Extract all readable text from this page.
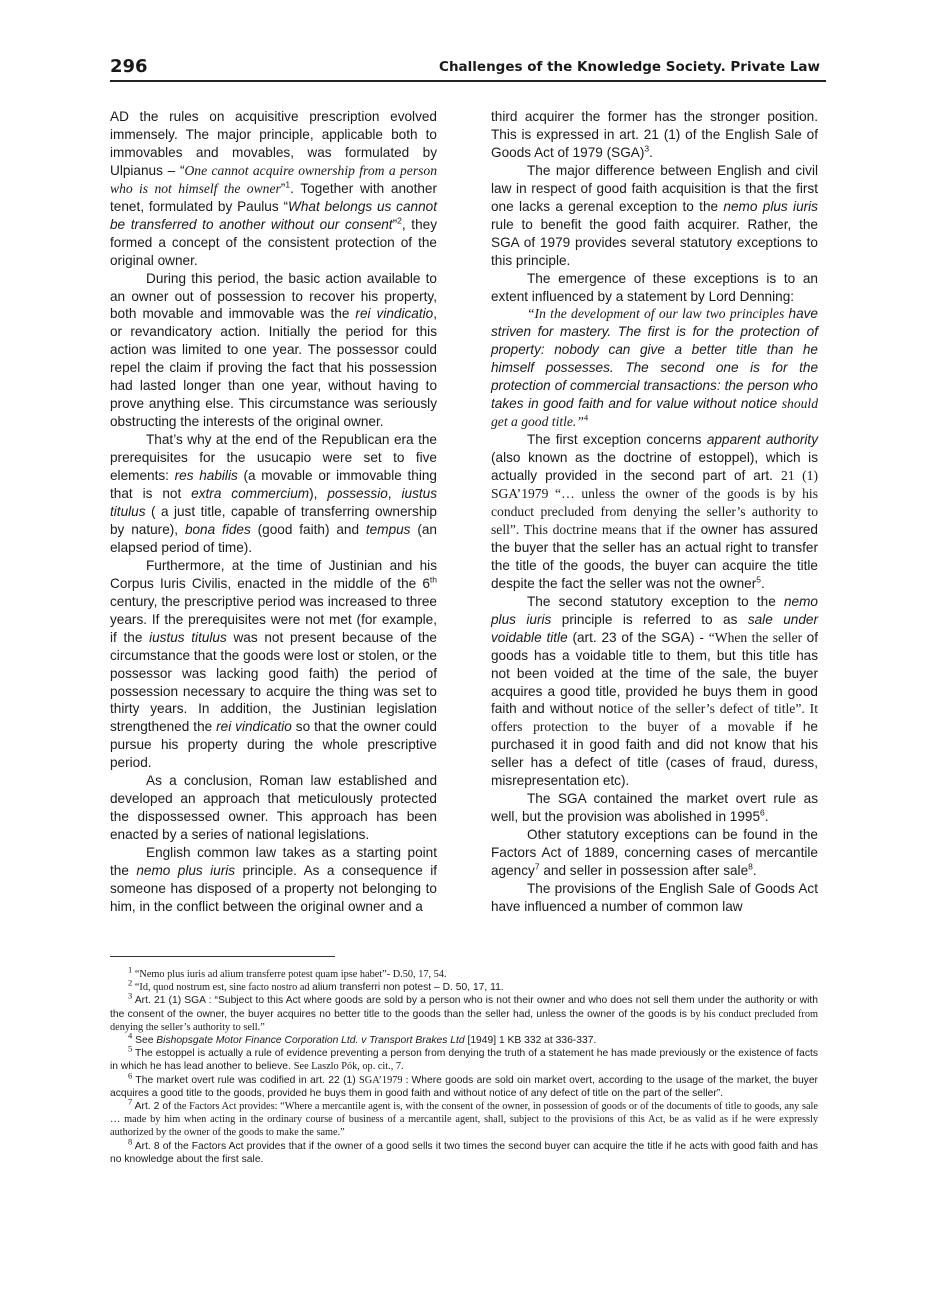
296	Challenges of the Knowledge Society. Private Law

AD the rules on acquisitive prescription evolved immensely. The major principle, applicable both to immovables and movables, was formulated by Ulpianus – “One cannot acquire ownership from a person who is not himself the owner”$^1$. Together with another tenet, formulated by Paulus “What belongs us cannot be transferred to another without our consent”$^2$, they formed a concept of the consistent protection of the original owner.

During this period, the basic action available to an owner out of possession to recover his property, both movable and immovable was the rei vindicatio, or revandicatory action. Initially the period for this action was limited to one year. The possessor could repel the claim if proving the fact that his possession had lasted longer than one year, without having to prove anything else. This circumstance was seriously obstructing the interests of the original owner.

That’s why at the end of the Republican era the prerequisites for the usucapio were set to five elements: res habilis (a movable or immovable thing that is not extra commercium), possessio, iustus titulus ( a just title, capable of transferring ownership by nature), bona fides (good faith) and tempus (an elapsed period of time).

Furthermore, at the time of Justinian and his Corpus Iuris Civilis, enacted in the middle of the 6th century, the prescriptive period was increased to three years. If the prerequisites were not met (for example, if the iustus titulus was not present because of the circumstance that the goods were lost or stolen, or the possessor was lacking good faith) the period of possession necessary to acquire the thing was set to thirty years. In addition, the Justinian legislation strengthened the rei vindicatio so that the owner could pursue his property during the whole prescriptive period.

As a conclusion, Roman law established and developed an approach that meticulously protected the dispossessed owner. This approach has been enacted by a series of national legislations.

English common law takes as a starting point the nemo plus iuris principle. As a consequence if someone has disposed of a property not belonging to him, in the conflict between the original owner and a

third acquirer the former has the stronger position. This is expressed in art. 21 (1) of the English Sale of Goods Act of 1979 (SGA)$^3$.

The major difference between English and civil law in respect of good faith acquisition is that the first one lacks a gerenal exception to the nemo plus iuris rule to benefit the good faith acquirer. Rather, the SGA of 1979 provides several statutory exceptions to this principle.

The emergence of these exceptions is to an extent influenced by a statement by Lord Denning:

“In the development of our law two principles have striven for mastery. The first is for the protection of property: nobody can give a better title than he himself possesses. The second one is for the protection of commercial transactions: the person who takes in good faith and for value without notice should get a good title.”$^4$

The first exception concerns apparent authority (also known as the doctrine of estoppel), which is actually provided in the second part of art. 21 (1) SGA’1979 “… unless the owner of the goods is by his conduct precluded from denying the seller’s authority to sell”. This doctrine means that if the owner has assured the buyer that the seller has an actual right to transfer the title of the goods, the buyer can acquire the title despite the fact the seller was not the owner$^5$.

The second statutory exception to the nemo plus iuris principle is referred to as sale under voidable title (art. 23 of the SGA) - “When the seller of goods has a voidable title to them, but this title has not been voided at the time of the sale, the buyer acquires a good title, provided he buys them in good faith and without notice of the seller’s defect of title”. It offers protection to the buyer of a movable if he purchased it in good faith and did not know that his seller has a defect of title (cases of fraud, duress, misrepresentation etc).

The SGA contained the market overt rule as well, but the provision was abolished in 1995$^6$.

Other statutory exceptions can be found in the Factors Act of 1889, concerning cases of mercantile agency$^7$ and seller in possession after sale$^8$.

The provisions of the English Sale of Goods Act have influenced a number of common law

$^1$ “Nemo plus iuris ad alium transferre potest quam ipse habet”- D.50, 17, 54.

$^2$ “Id, quod nostrum est, sine facto nostro ad alium transferri non potest – D. 50, 17, 11.

$^3$ Art. 21 (1) SGA : “Subject to this Act where goods are sold by a person who is not their owner and who does not sell them under the authority or with the consent of the owner, the buyer acquires no better title to the goods than the seller had, unless the owner of the goods is by his conduct precluded from denying the seller’s authority to sell.”

$^4$ See Bishopsgate Motor Finance Corporation Ltd. v Transport Brakes Ltd [1949] 1 KB 332 at 336-337.

$^5$ The estoppel is actually a rule of evidence preventing a person from denying the truth of a statement he has made previously or the existence of facts in which he has lead another to believe. See Laszlo Pók, op. cit., 7.

$^6$ The market overt rule was codified in art. 22 (1) SGA’1979 : Where goods are sold oin market overt, according to the usage of the market, the buyer acquires a good title to the goods, provided he buys them in good faith and without notice of any defect of title on the part of the seller”.

$^7$ Art. 2 of the Factors Act provides: “Where a mercantile agent is, with the consent of the owner, in possession of goods or of the documents of title to goods, any sale … made by him when acting in the ordinary course of business of a mercantile agent, shall, subject to the provisions of this Act, be as valid as if he were expressly authorized by the owner of the goods to make the same.”

$^8$ Art. 8 of the Factors Act provides that if the owner of a good sells it two times the second buyer can acquire the title if he acts with good faith and has no knowledge about the first sale.
